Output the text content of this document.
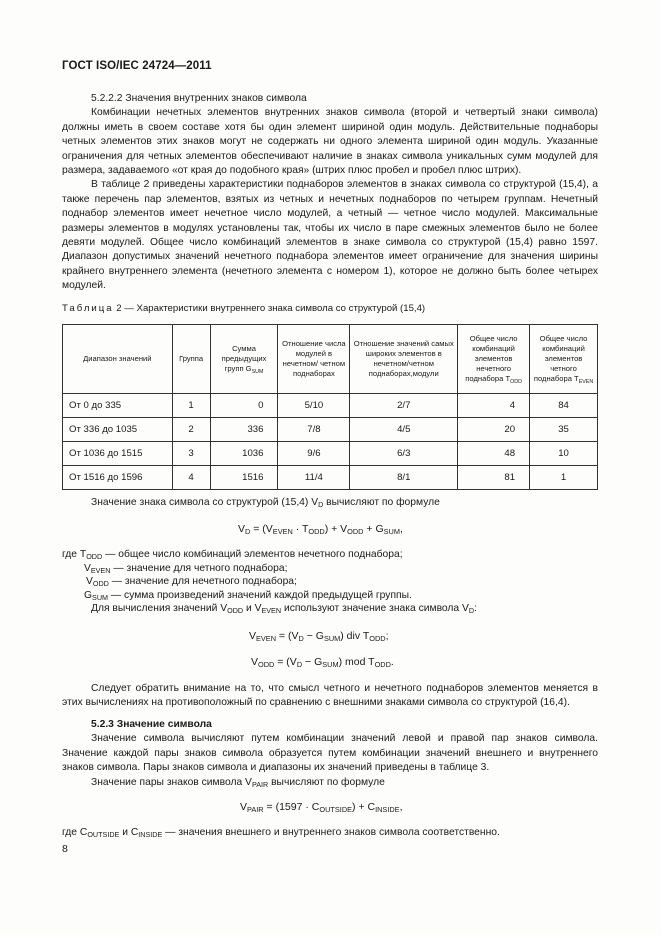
ГОСТ ISO/IEC 24724—2011

5.2.2.2 Значения внутренних знаков символа

Комбинации нечетных элементов внутренних знаков символа (второй и четвертый знаки символа) должны иметь в своем составе хотя бы один элемент шириной один модуль. Действительные поднаборы четных элементов этих знаков могут не содержать ни одного элемента шириной один модуль. Указанные ограничения для четных элементов обеспечивают наличие в знаках символа уникальных сумм модулей для размера, задаваемого «от края до подобного края» (штрих плюс пробел и пробел плюс штрих).

В таблице 2 приведены характеристики поднаборов элементов в знаках символа со структурой (15,4), а также перечень пар элементов, взятых из четных и нечетных поднаборов по четырем группам. Нечетный поднабор элементов имеет нечетное число модулей, а четный — четное число модулей. Максимальные размеры элементов в модулях установлены так, чтобы их число в паре смежных элементов было не более девяти модулей. Общее число комбинаций элементов в знаке символа со структурой (15,4) равно 1597. Диапазон допустимых значений нечетного поднабора элементов имеет ограничение для значения ширины крайнего внутреннего элемента (нечетного элемента с номером 1), которое не должно быть более четырех модулей.

Таблица 2 — Характеристики внутреннего знака символа со структурой (15,4)
Диапазон значений	Группа	Сумма предыдущих групп $G_{SUM}$	Отношение числа модулей в нечетном/ четном поднаборах	Отношение значений самых широких элементов в нечетном/четном поднаборах,модули	Общее число комбинаций элементов нечетного поднабора $T_{ODD}$	Общее число комбинаций элементов четного поднабора $T_{EVEN}$
От 0 до 335	1	0	5/10	2/7	4	84
От 336 до 1035	2	336	7/8	4/5	20	35
От 1036 до 1515	3	1036	9/6	6/3	48	10
От 1516 до 1596	4	1516	11/4	8/1	81	1

Значение знака символа со структурой (15,4) $V_D$ вычисляют по формуле

$V_D = (V_{EVEN} \cdot T_{ODD}) + V_{ODD} + G_{SUM}$,
где $T_{ODD}$ — общее число комбинаций элементов нечетного поднабора;
$V_{EVEN}$ — значение для четного поднабора;
$V_{ODD}$ — значение для нечетного поднабора;
$G_{SUM}$ — сумма произведений значений каждой предыдущей группы.
Для вычисления значений $V_{ODD}$ и $V_{EVEN}$ используют значение знака символа $V_D$:
$V_{EVEN} = (V_D - G_{SUM})$ div $T_{ODD}$;
$V_{ODD} = (V_D - G_{SUM})$ mod $T_{ODD}$.

Следует обратить внимание на то, что смысл четного и нечетного поднаборов элементов меняется в этих вычислениях на противоположный по сравнению с внешними знаками символа со структурой (16,4).

5.2.3 Значение символа

Значение символа вычисляют путем комбинации значений левой и правой пар знаков символа. Значение каждой пары знаков символа образуется путем комбинации значений внешнего и внутреннего знаков символа. Пары знаков символа и диапазоны их значений приведены в таблице 3.

Значение пары знаков символа $V_{PAIR}$ вычисляют по формуле

$V_{PAIR} = (1597 \cdot C_{OUTSIDE}) + C_{INSIDE}$,

где $C_{OUTSIDE}$ и $C_{INSIDE}$ — значения внешнего и внутреннего знаков символа соответственно.

8
